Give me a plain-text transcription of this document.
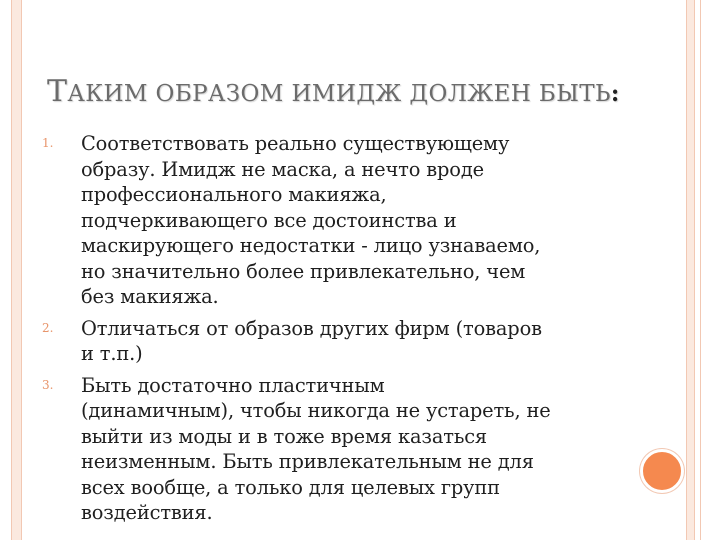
ТАКИМ ОБРАЗОМ ИМИДЖ ДОЛЖЕН БЫТЬ:
1. Соответствовать реально существующему
образу. Имидж не маска, а нечто вроде
профессионального макияжа,
подчеркивающего все достоинства и
маскирующего недостатки - лицо узнаваемо,
но значительно более привлекательно, чем
без макияжа.
2. Отличаться от образов других фирм (товаров
и т.п.)
3. Быть достаточно пластичным
(динамичным), чтобы никогда не устареть, не
выйти из моды и в тоже время казаться
неизменным. Быть привлекательным не для
всех вообще, а только для целевых групп
воздействия.
